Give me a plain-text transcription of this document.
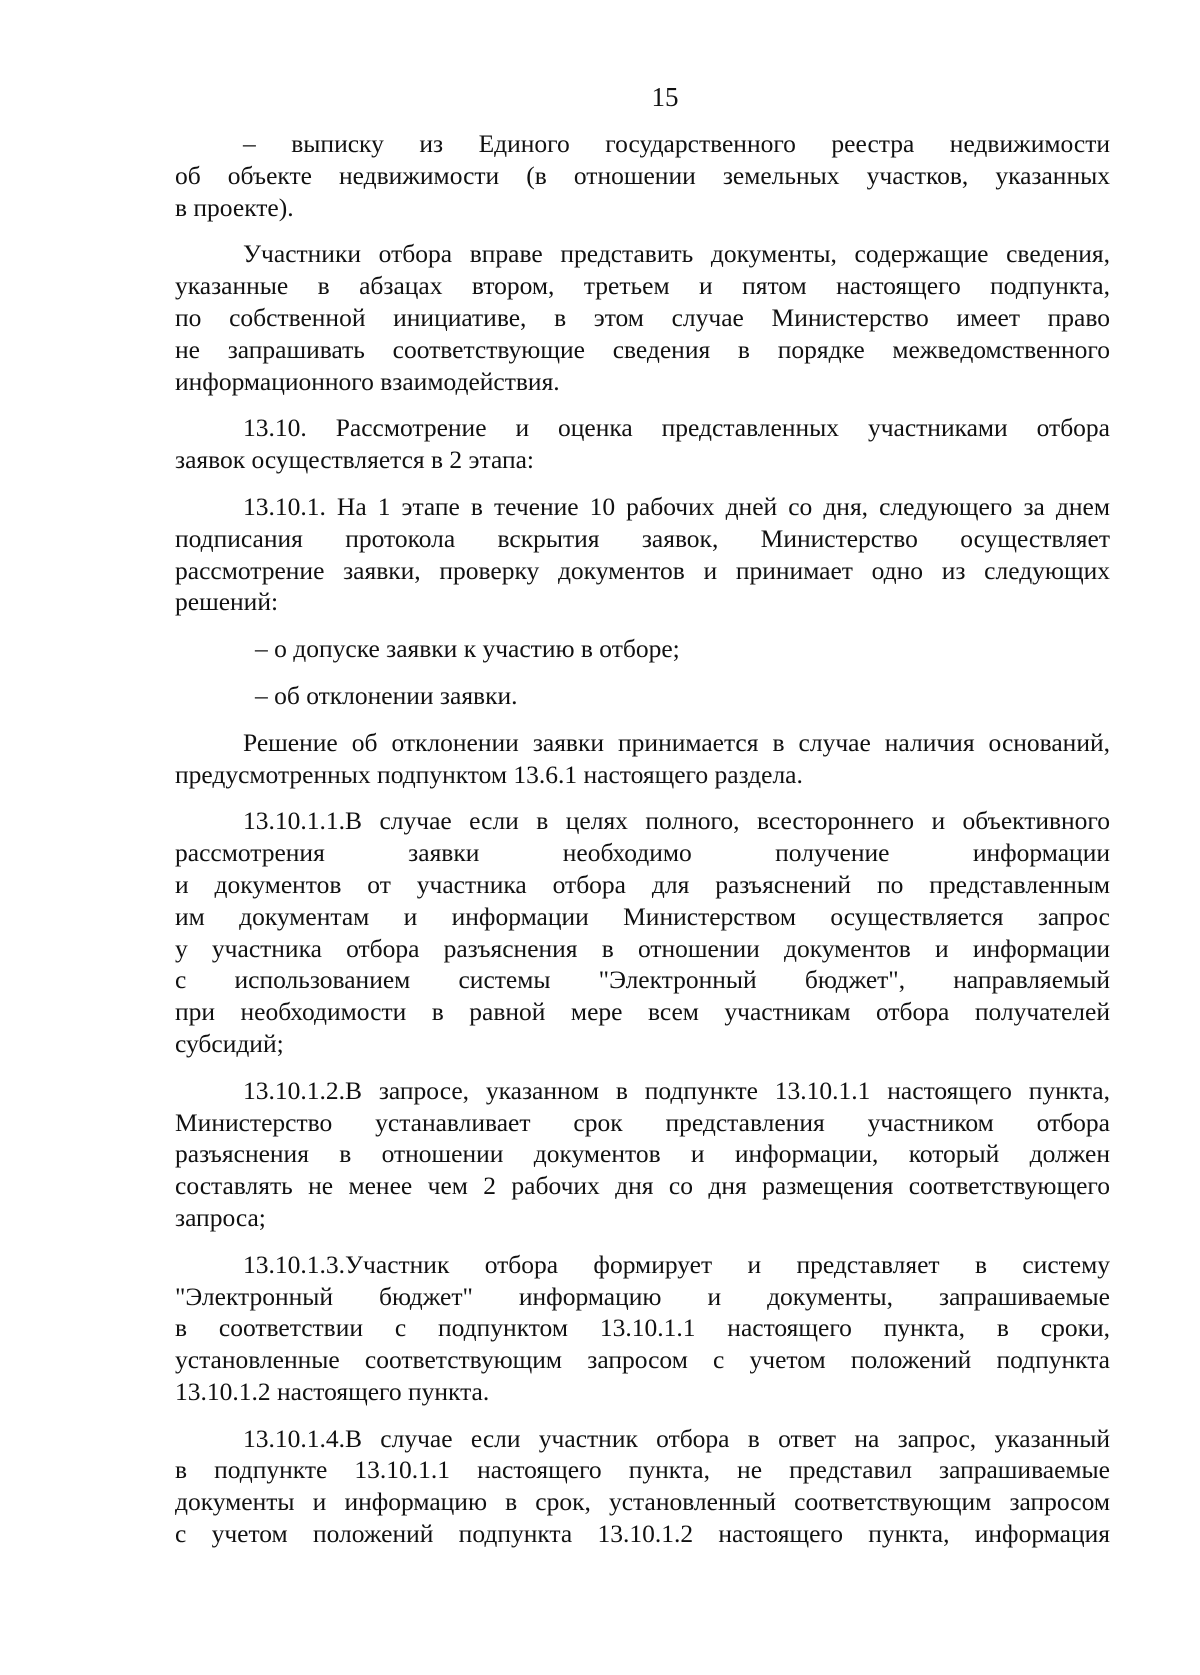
15
– выписку из Единого государственного реестра недвижимости
об объекте недвижимости (в отношении земельных участков, указанных
в проекте).
Участники отбора вправе представить документы, содержащие сведения,
указанные в абзацах втором, третьем и пятом настоящего подпункта,
по собственной инициативе, в этом случае Министерство имеет право
не запрашивать соответствующие сведения в порядке межведомственного
информационного взаимодействия.
13.10. Рассмотрение и оценка представленных участниками отбора
заявок осуществляется в 2 этапа:
13.10.1. На 1 этапе в течение 10 рабочих дней со дня, следующего за днем
подписания протокола вскрытия заявок, Министерство осуществляет
рассмотрение заявки, проверку документов и принимает одно из следующих
решений:
– о допуске заявки к участию в отборе;
– об отклонении заявки.
Решение об отклонении заявки принимается в случае наличия оснований,
предусмотренных подпунктом 13.6.1 настоящего раздела.
13.10.1.1.В случае если в целях полного, всестороннего и объективного
рассмотрения заявки необходимо получение информации
и документов от участника отбора для разъяснений по представленным
им документам и информации Министерством осуществляется запрос
у участника отбора разъяснения в отношении документов и информации
с использованием системы "Электронный бюджет", направляемый
при необходимости в равной мере всем участникам отбора получателей
субсидий;
13.10.1.2.В запросе, указанном в подпункте 13.10.1.1 настоящего пункта,
Министерство устанавливает срок представления участником отбора
разъяснения в отношении документов и информации, который должен
составлять не менее чем 2 рабочих дня со дня размещения соответствующего
запроса;
13.10.1.3.Участник отбора формирует и представляет в систему
"Электронный бюджет" информацию и документы, запрашиваемые
в соответствии с подпунктом 13.10.1.1 настоящего пункта, в сроки,
установленные соответствующим запросом с учетом положений подпункта
13.10.1.2 настоящего пункта.
13.10.1.4.В случае если участник отбора в ответ на запрос, указанный
в подпункте 13.10.1.1 настоящего пункта, не представил запрашиваемые
документы и информацию в срок, установленный соответствующим запросом
с учетом положений подпункта 13.10.1.2 настоящего пункта, информация
